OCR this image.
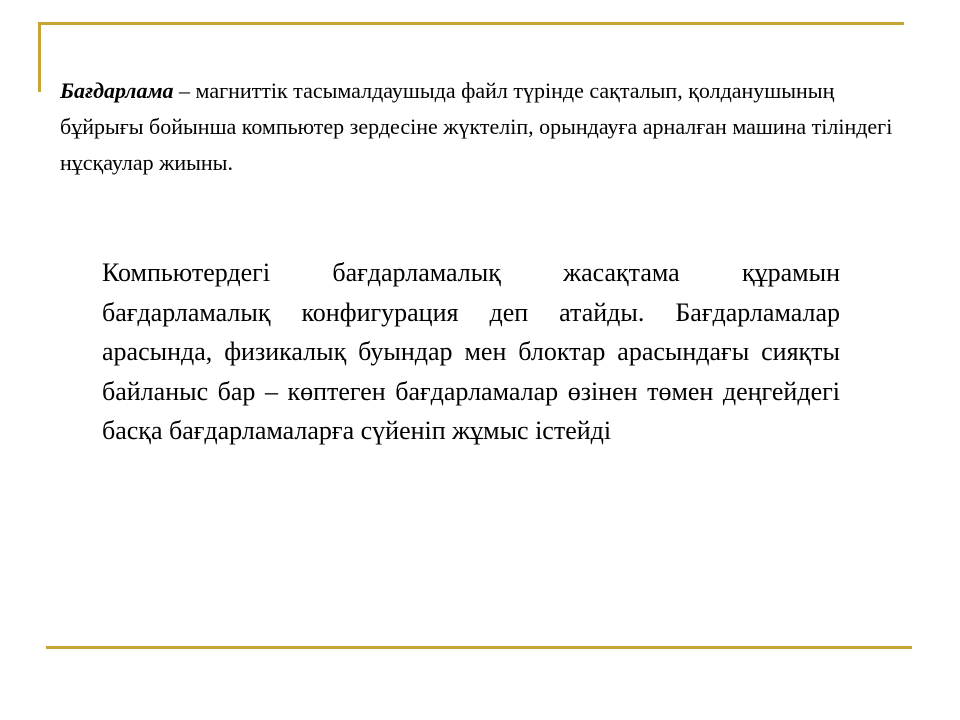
Бағдарлама – магниттік тасымалдаушыда файл түрінде сақталып, қолданушының бұйрығы бойынша компьютер зердесіне жүктеліп, орындауға арналған машина тіліндегі нұсқаулар жиыны.
Компьютердегі бағдарламалық жасақтама құрамын бағдарламалық конфигурация деп атайды. Бағдарламалар арасында, физикалық буындар мен блоктар арасындағы сияқты байланыс бар – көптеген бағдарламалар өзінен төмен деңгейдегі басқа бағдарламаларға сүйеніп жұмыс істейді
